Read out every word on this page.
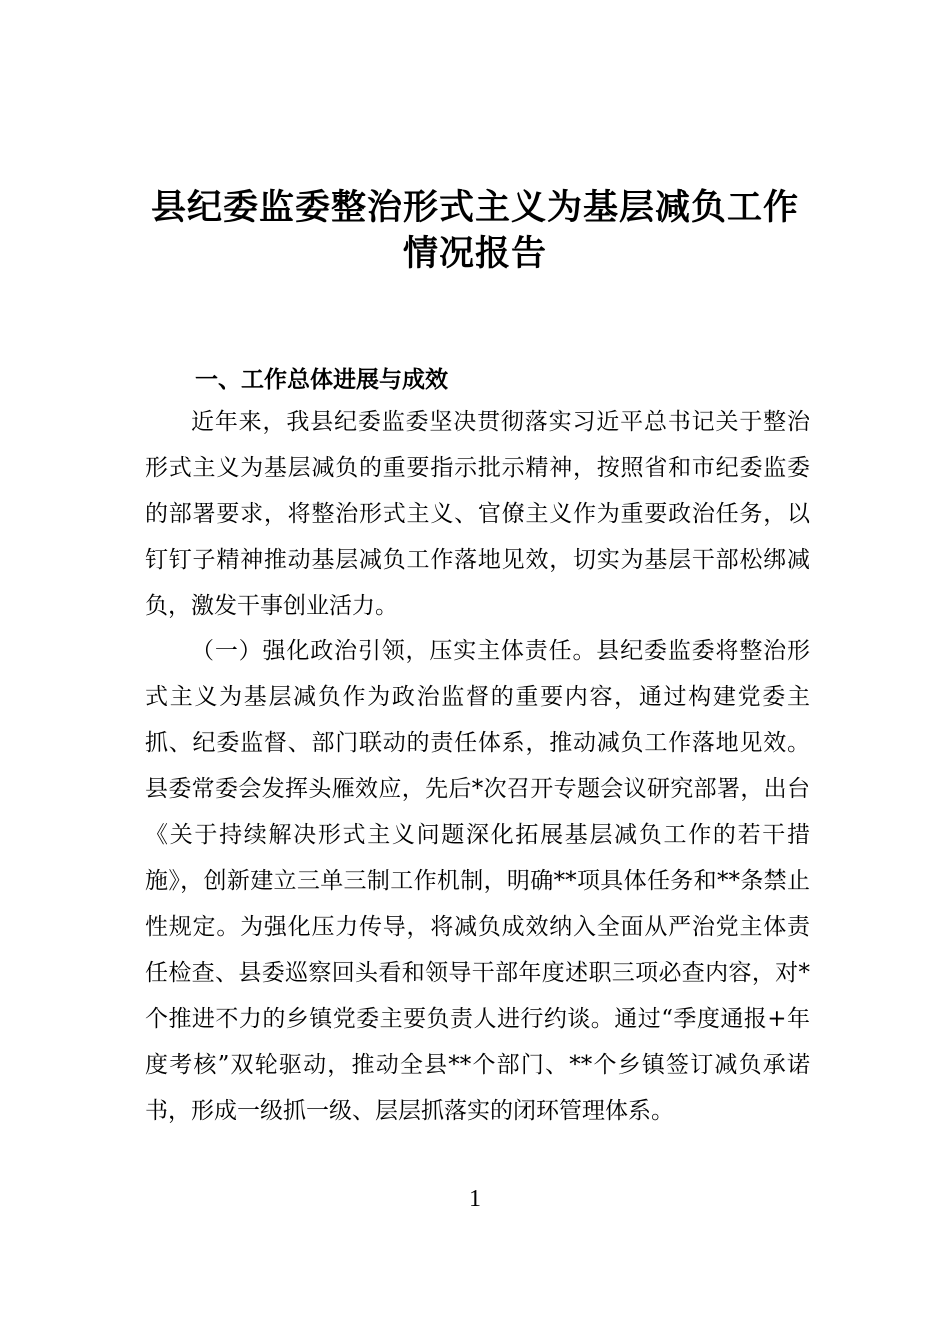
县纪委监委整治形式主义为基层减负工作
情况报告
一、工作总体进展与成效

近年来，我县纪委监委坚决贯彻落实习近平总书记关于整治形式主义为基层减负的重要指示批示精神，按照省和市纪委监委的部署要求，将整治形式主义、官僚主义作为重要政治任务，以钉钉子精神推动基层减负工作落地见效，切实为基层干部松绑减负，激发干事创业活力。

（一）强化政治引领，压实主体责任。县纪委监委将整治形式主义为基层减负作为政治监督的重要内容，通过构建党委主抓、纪委监督、部门联动的责任体系，推动减负工作落地见效。县委常委会发挥头雁效应，先后*次召开专题会议研究部署，出台《关于持续解决形式主义问题深化拓展基层减负工作的若干措施》，创新建立三单三制工作机制，明确**项具体任务和**条禁止性规定。为强化压力传导，将减负成效纳入全面从严治党主体责任检查、县委巡察回头看和领导干部年度述职三项必查内容，对*个推进不力的乡镇党委主要负责人进行约谈。通过“季度通报+年度考核”双轮驱动，推动全县**个部门、**个乡镇签订减负承诺书，形成一级抓一级、层层抓落实的闭环管理体系。

1
